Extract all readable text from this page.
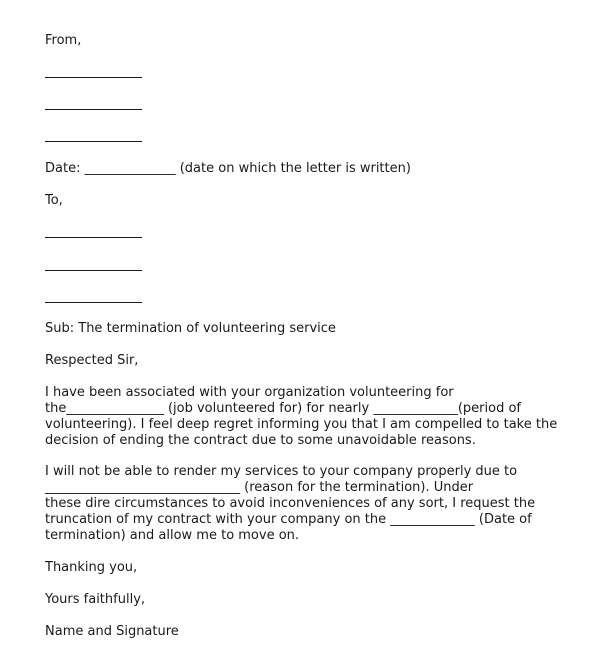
From,
Date: ______________ (date on which the letter is written)
To,
Sub: The termination of volunteering service
Respected Sir,
I have been associated with your organization volunteering for
the_______________ (job volunteered for) for nearly _____________(period of
volunteering). I feel deep regret informing you that I am compelled to take the
decision of ending the contract due to some unavoidable reasons.
I will not be able to render my services to your company properly due to
______________________________ (reason for the termination). Under
these dire circumstances to avoid inconveniences of any sort, I request the
truncation of my contract with your company on the _____________ (Date of
termination) and allow me to move on.
Thanking you,
Yours faithfully,
Name and Signature
